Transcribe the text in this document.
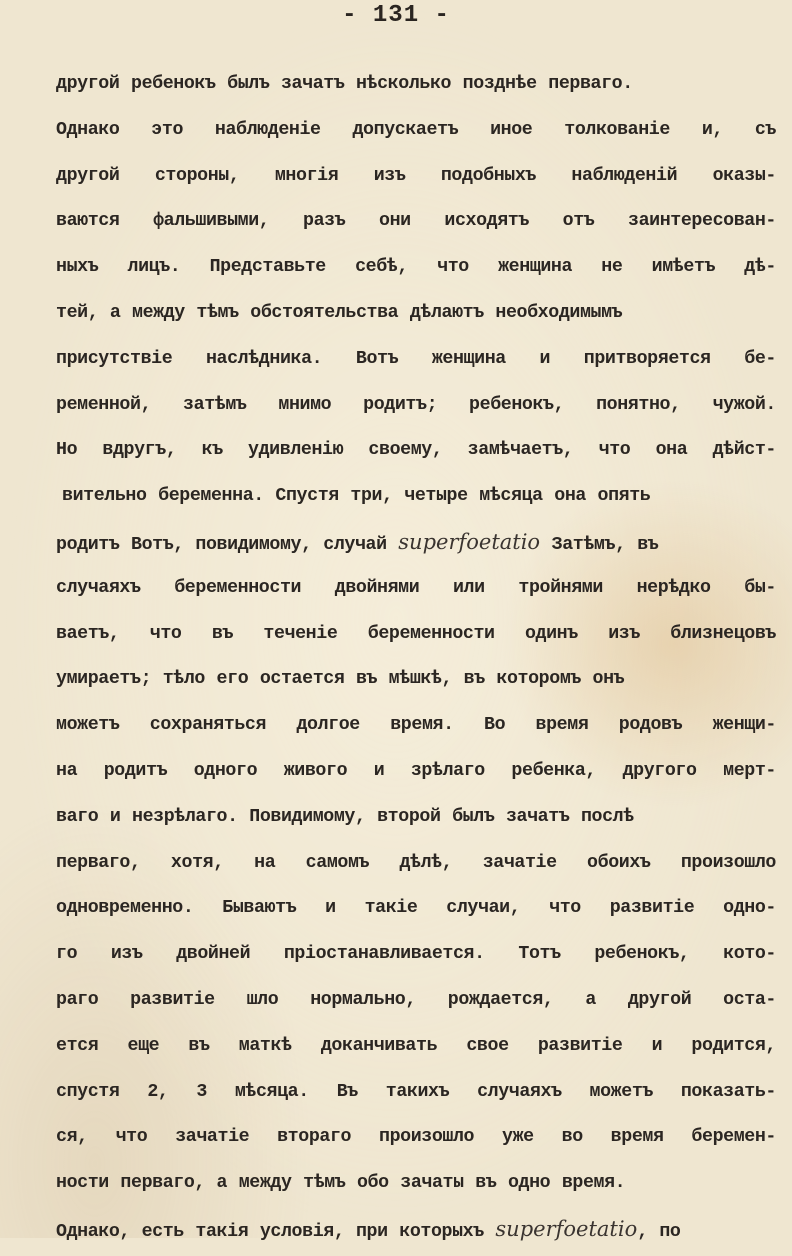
- 131 -
другой ребенокъ былъ зачатъ нѣсколько позднѣе перваго.
Однако это наблюденіе допускаетъ иное толкованіе и, съ
другой стороны, многія изъ подобныхъ наблюденій оказы-
ваются фальшивыми, разъ они исходятъ отъ заинтересован-
ныхъ лицъ. Представьте себѣ, что женщина не имѣетъ дѣ-
тей, а между тѣмъ обстоятельства дѣлаютъ необходимымъ
присутствіе наслѣдника. Вотъ женщина и притворяется бе-
ременной, затѣмъ мнимо родитъ; ребенокъ, понятно, чужой.
Но вдругъ, къ удивленію своему, замѣчаетъ, что она дѣйст-
вительно беременна. Спустя три, четыре мѣсяца она опять
родитъ Вотъ, повидимому, случай superfoetatio Затѣмъ, въ
случаяхъ беременности двойнями или тройнями нерѣдко бы-
ваетъ, что въ теченіе беременности одинъ изъ близнецовъ
умираетъ; тѣло его остается въ мѣшкѣ, въ которомъ онъ
можетъ сохраняться долгое время. Во время родовъ женщи-
на родитъ одного живого и зрѣлаго ребенка, другого мерт-
ваго и незрѣлаго. Повидимому, второй былъ зачатъ послѣ
перваго, хотя, на самомъ дѣлѣ, зачатіе обоихъ произошло
одновременно. Бываютъ и такіе случаи, что развитіе одно-
го изъ двойней пріостанавливается. Тотъ ребенокъ, кото-
раго развитіе шло нормально, рождается, а другой оста-
ется еще въ маткѣ доканчивать свое развитіе и родится,
спустя 2, 3 мѣсяца. Въ такихъ случаяхъ можетъ показать-
ся, что зачатіе втораго произошло уже во время беремен-
ности перваго, а между тѣмъ обо зачаты въ одно время.
Однако, есть такія условія, при которыхъ superfoetatio, по
